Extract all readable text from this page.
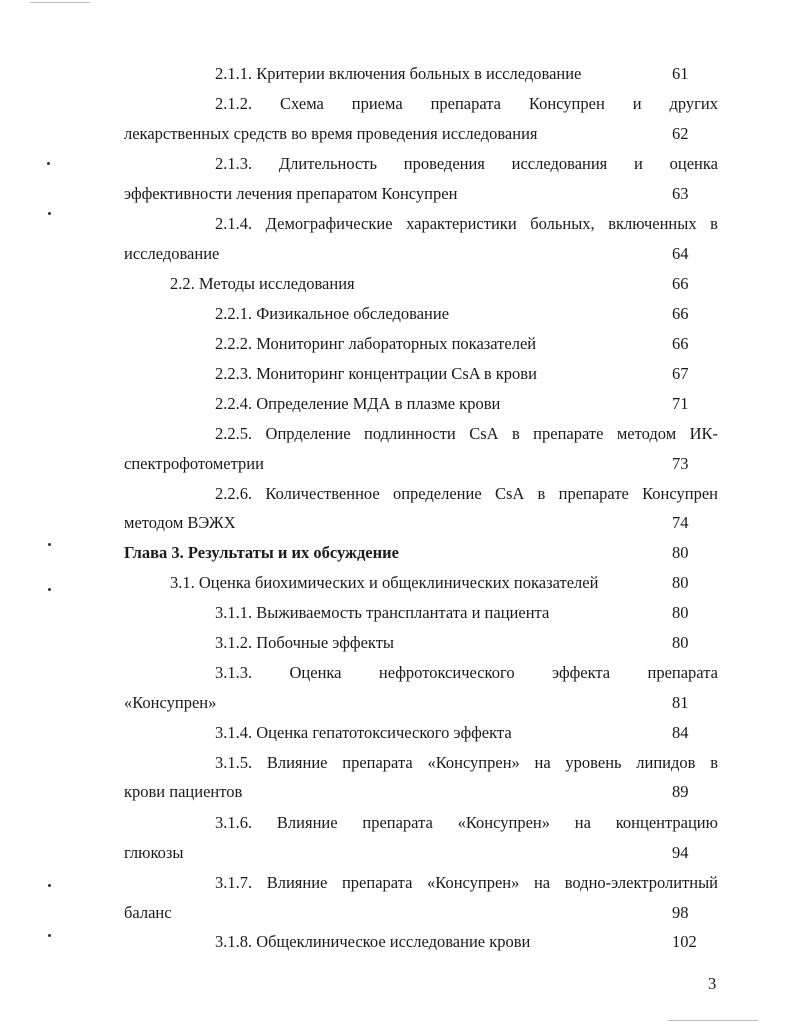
2.1.1. Критерии включения больных в исследование	61
2.1.2. Схема приема препарата Консупрен и других
лекарственных средств во время проведения исследования	62
2.1.3. Длительность проведения исследования и оценка
эффективности лечения препаратом Консупрен	63
2.1.4. Демографические характеристики больных, включенных в
исследование	64
2.2. Методы исследования	66
2.2.1. Физикальное обследование	66
2.2.2. Мониторинг лабораторных показателей	66
2.2.3. Мониторинг концентрации CsA в крови	67
2.2.4. Определение МДА в плазме крови	71
2.2.5. Опрделение подлинности CsA в препарате методом ИК-
спектрофотометрии	73
2.2.6. Количественное определение CsA в препарате Консупрен
методом ВЭЖХ	74
Глава 3. Результаты и их обсуждение	80
3.1. Оценка биохимических и общеклинических показателей	80
3.1.1. Выживаемость трансплантата и пациента	80
3.1.2. Побочные эффекты	80
3.1.3. Оценка нефротоксического эффекта препарата
«Консупрен»	81
3.1.4. Оценка гепатотоксического эффекта	84
3.1.5. Влияние препарата «Консупрен» на уровень липидов в
крови пациентов	89
3.1.6. Влияние препарата «Консупрен» на концентрацию
глюкозы	94
3.1.7. Влияние препарата «Консупрен» на водно-электролитный
баланс	98
3.1.8. Общеклиническое исследование крови	102
3
